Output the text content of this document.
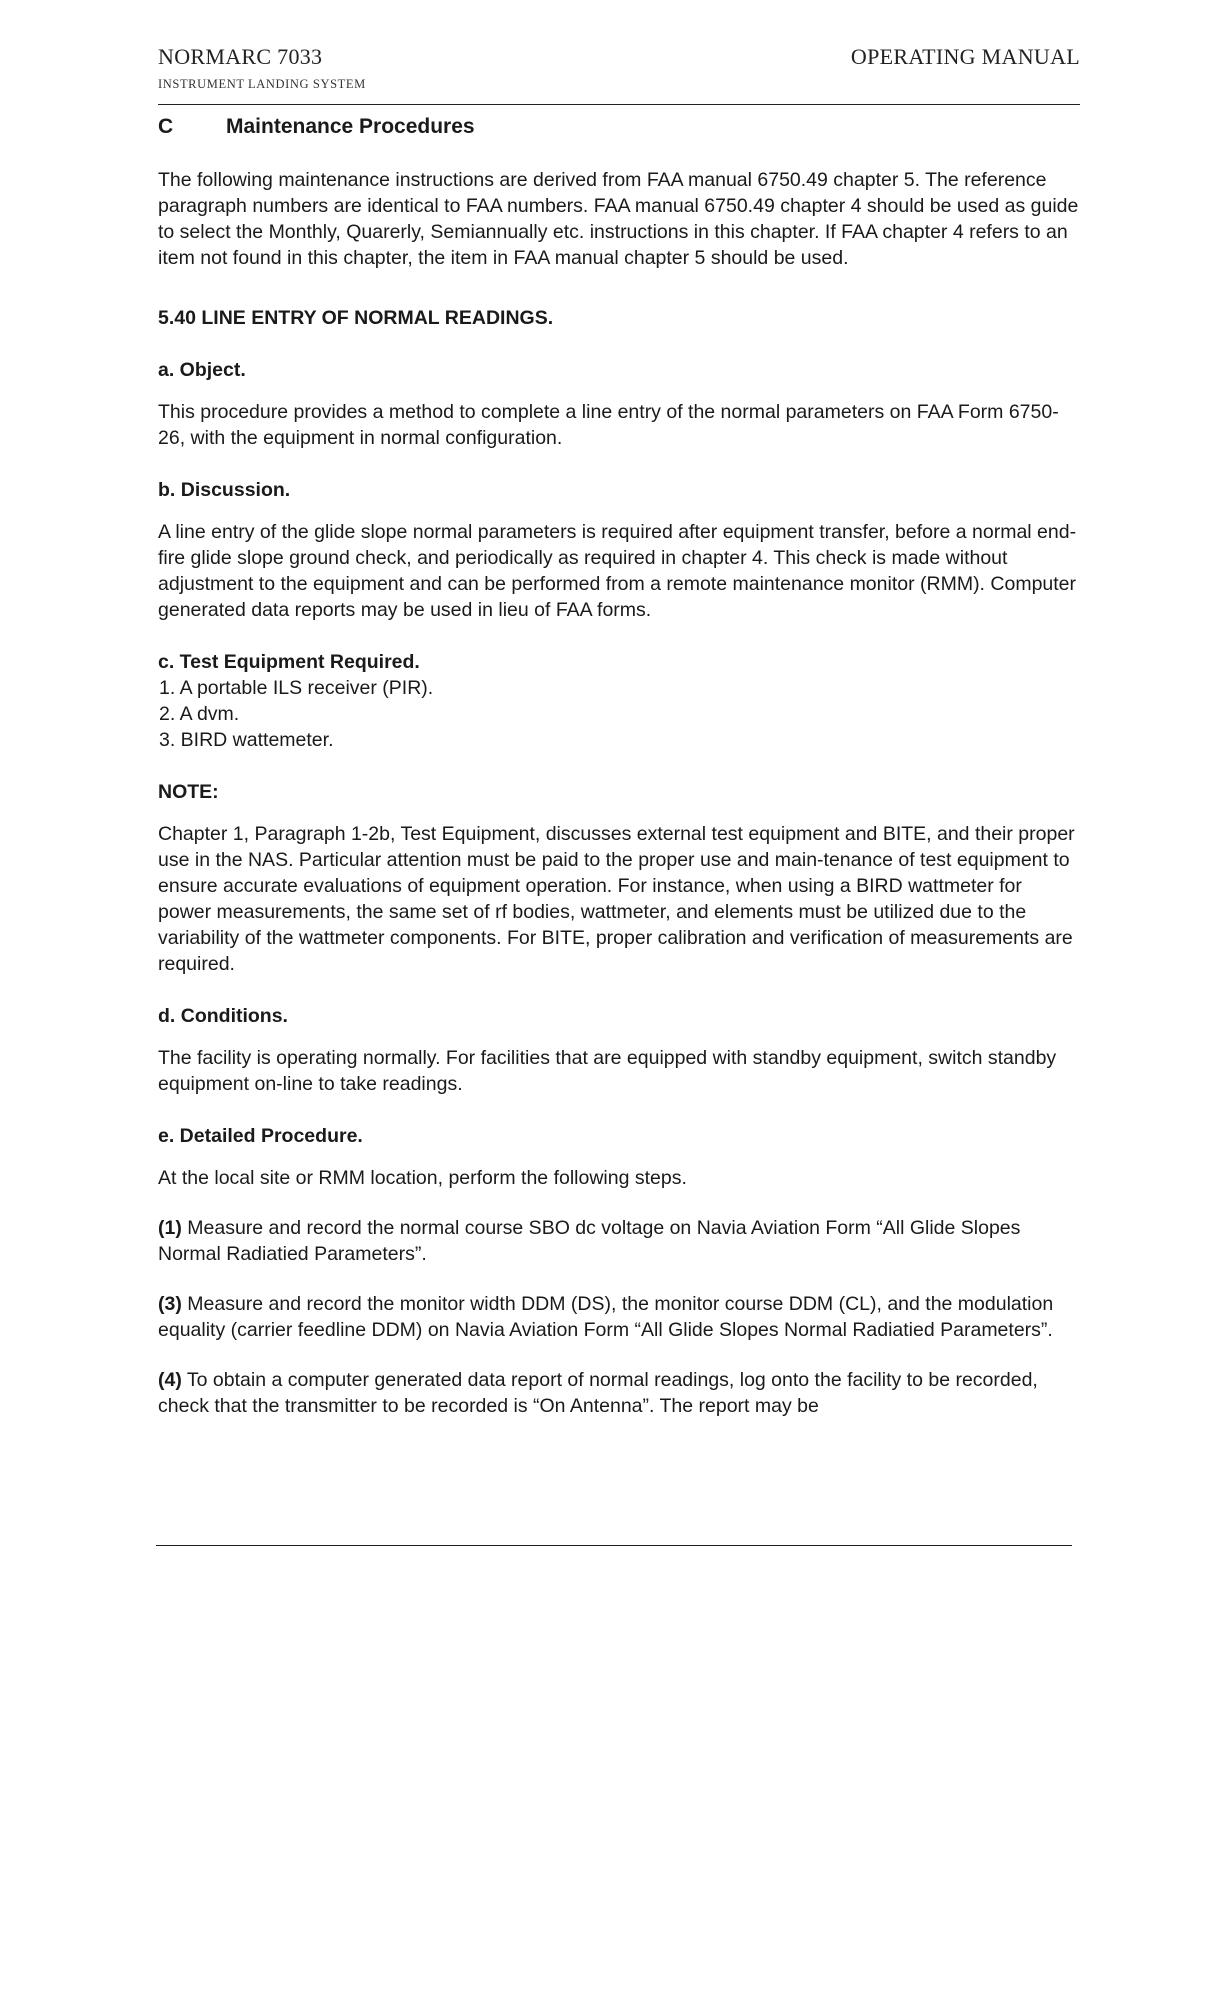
NORMARC 7033
INSTRUMENT LANDING SYSTEM
OPERATING MANUAL
C	Maintenance Procedures

The following maintenance instructions are derived from FAA manual 6750.49 chapter 5. The reference paragraph numbers are identical to FAA numbers. FAA manual 6750.49 chapter 4 should be used as guide to select the Monthly, Quarerly, Semiannually etc. instructions in this chapter. If FAA chapter 4 refers to an item not found in this chapter, the item in FAA manual chapter 5 should be used.

5.40 LINE ENTRY OF NORMAL READINGS.
a. Object.

This procedure provides a method to complete a line entry of the normal parameters on FAA Form 6750-26, with the equipment in normal configuration.

b. Discussion.

A line entry of the glide slope normal parameters is required after equipment transfer, before a normal end-fire glide slope ground check, and periodically as required in chapter 4. This check is made without adjustment to the equipment and can be performed from a remote maintenance monitor (RMM). Computer generated data reports may be used in lieu of FAA forms.

c. Test Equipment Required.
1. A portable ILS receiver (PIR).
2. A dvm.
3. BIRD wattemeter.
NOTE:

Chapter 1, Paragraph 1-2b, Test Equipment, discusses external test equipment and BITE, and their proper use in the NAS. Particular attention must be paid to the proper use and main-tenance of test equipment to ensure accurate evaluations of equipment operation. For instance, when using a BIRD wattmeter for power measurements, the same set of rf bodies, wattmeter, and elements must be utilized due to the variability of the wattmeter components. For BITE, proper calibration and verification of measurements are required.

d. Conditions.

The facility is operating normally. For facilities that are equipped with standby equipment, switch standby equipment on-line to take readings.

e. Detailed Procedure.

At the local site or RMM location, perform the following steps.

(1) Measure and record the normal course SBO dc voltage on Navia Aviation Form “All Glide Slopes Normal Radiatied Parameters”.

(3) Measure and record the monitor width DDM (DS), the monitor course DDM (CL), and the modulation equality (carrier feedline DDM) on Navia Aviation Form “All Glide Slopes Normal Radiatied Parameters”.

(4) To obtain a computer generated data report of normal readings, log onto the facility to be recorded, check that the transmitter to be recorded is “On Antenna”. The report may be
